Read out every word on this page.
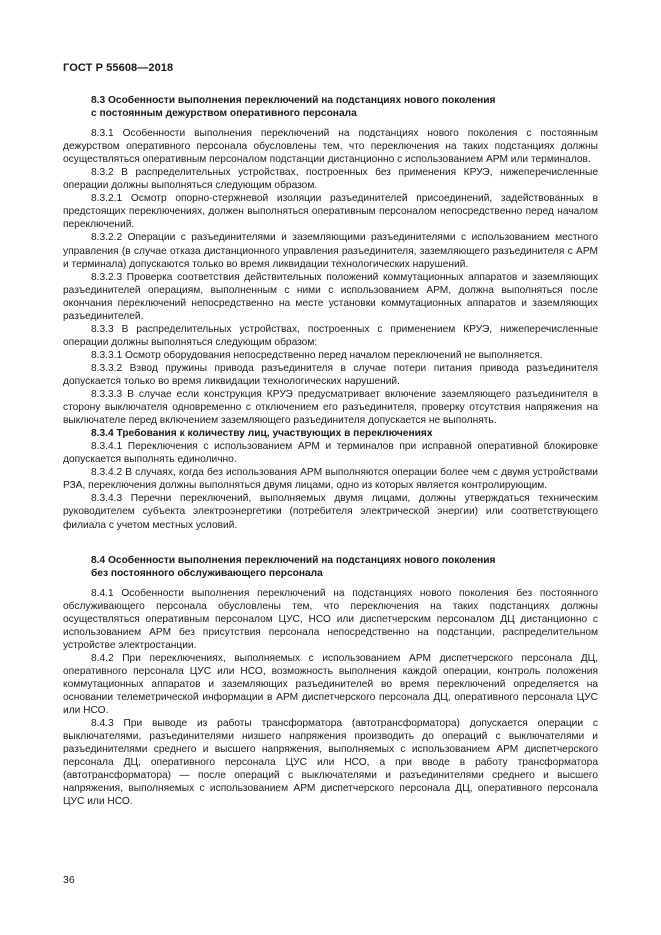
ГОСТ Р 55608—2018

8.3 Особенности выполнения переключений на подстанциях нового поколения
с постоянным дежурством оперативного персонала

8.3.1 Особенности выполнения переключений на подстанциях нового поколения с постоянным дежурством оперативного персонала обусловлены тем, что переключения на таких подстанциях должны осуществляться оперативным персоналом подстанции дистанционно с использованием АРМ или терминалов.

8.3.2 В распределительных устройствах, построенных без применения КРУЭ, нижеперечисленные операции должны выполняться следующим образом.

8.3.2.1 Осмотр опорно-стержневой изоляции разъединителей присоединений, задействованных в предстоящих переключениях, должен выполняться оперативным персоналом непосредственно перед началом переключений.

8.3.2.2 Операции с разъединителями и заземляющими разъединителями с использованием местного управления (в случае отказа дистанционного управления разъединителя, заземляющего разъединителя с АРМ и терминала) допускаются только во время ликвидации технологических нарушений.

8.3.2.3 Проверка соответствия действительных положений коммутационных аппаратов и заземляющих разъединителей операциям, выполненным с ними с использованием АРМ, должна выполняться после окончания переключений непосредственно на месте установки коммутационных аппаратов и заземляющих разъединителей.

8.3.3 В распределительных устройствах, построенных с применением КРУЭ, нижеперечисленные операции должны выполняться следующим образом:

8.3.3.1 Осмотр оборудования непосредственно перед началом переключений не выполняется.

8.3.3.2 Взвод пружины привода разъединителя в случае потери питания привода разъединителя допускается только во время ликвидации технологических нарушений.

8.3.3.3 В случае если конструкция КРУЭ предусматривает включение заземляющего разъединителя в сторону выключателя одновременно с отключением его разъединителя, проверку отсутствия напряжения на выключателе перед включением заземляющего разъединителя допускается не выполнять.

8.3.4 Требования к количеству лиц, участвующих в переключениях

8.3.4.1 Переключения с использованием АРМ и терминалов при исправной оперативной блокировке допускается выполнять единолично.

8.3.4.2 В случаях, когда без использования АРМ выполняются операции более чем с двумя устройствами РЗА, переключения должны выполняться двумя лицами, одно из которых является контролирующим.

8.3.4.3 Перечни переключений, выполняемых двумя лицами, должны утверждаться техническим руководителем субъекта электроэнергетики (потребителя электрической энергии) или соответствующего филиала с учетом местных условий.

8.4 Особенности выполнения переключений на подстанциях нового поколения
без постоянного обслуживающего персонала

8.4.1 Особенности выполнения переключений на подстанциях нового поколения без постоянного обслуживающего персонала обусловлены тем, что переключения на таких подстанциях должны осуществляться оперативным персоналом ЦУС, НСО или диспетчерским персоналом ДЦ дистанционно с использованием АРМ без присутствия персонала непосредственно на подстанции, распределительном устройстве электростанции.

8.4.2 При переключениях, выполняемых с использованием АРМ диспетчерского персонала ДЦ, оперативного персонала ЦУС или НСО, возможность выполнения каждой операции, контроль положения коммутационных аппаратов и заземляющих разъединителей во время переключений определяется на основании телеметрической информации в АРМ диспетчерского персонала ДЦ, оперативного персонала ЦУС или НСО.

8.4.3 При выводе из работы трансформатора (автотрансформатора) допускается операции с выключателями, разъединителями низшего напряжения производить до операций с выключателями и разъединителями среднего и высшего напряжения, выполняемых с использованием АРМ диспетчерского персонала ДЦ, оперативного персонала ЦУС или НСО, а при вводе в работу трансформатора (автотрансформатора) — после операций с выключателями и разъединителями среднего и высшего напряжения, выполняемых с использованием АРМ диспетчерского персонала ДЦ, оперативного персонала ЦУС или НСО.

36
